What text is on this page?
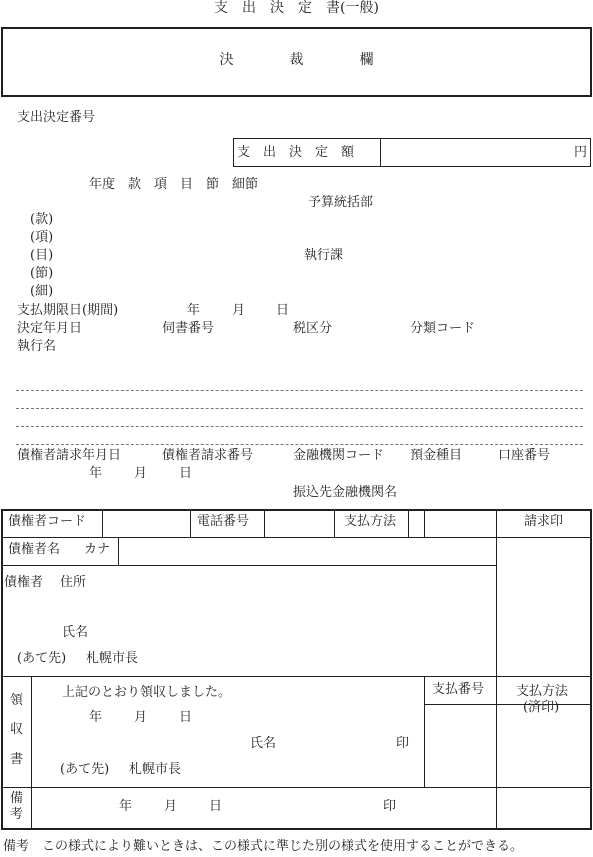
支　出　決　定　書(一般)
決　　　　裁　　　　欄
支出決定番号
支　出　決　定　額	円
年度　款　項　目　節　細節
予算統括部
(款)
(項)
(目)	執行課
(節)
(細)
支払期限日(期間)	年 月 日
決定年月日	伺書番号	税区分	分類コード
執行名
債権者請求年月日	債権者請求番号	金融機関コード 預金種目	口座番号
年 月 日
振込先金融機関名
債権者コード	電話番号	支払方法	請求印
債権者名 カナ
債権者 住所
氏名
(あて先) 札幌市長
領
収
書
上記のとおり領収しました。
年 月 日
氏名	印
(あて先) 札幌市長
支払番号 支払方法
(済印)
備
考
年 月 日	印
備考　この様式により難いときは、この様式に準じた別の様式を使用することができる。
